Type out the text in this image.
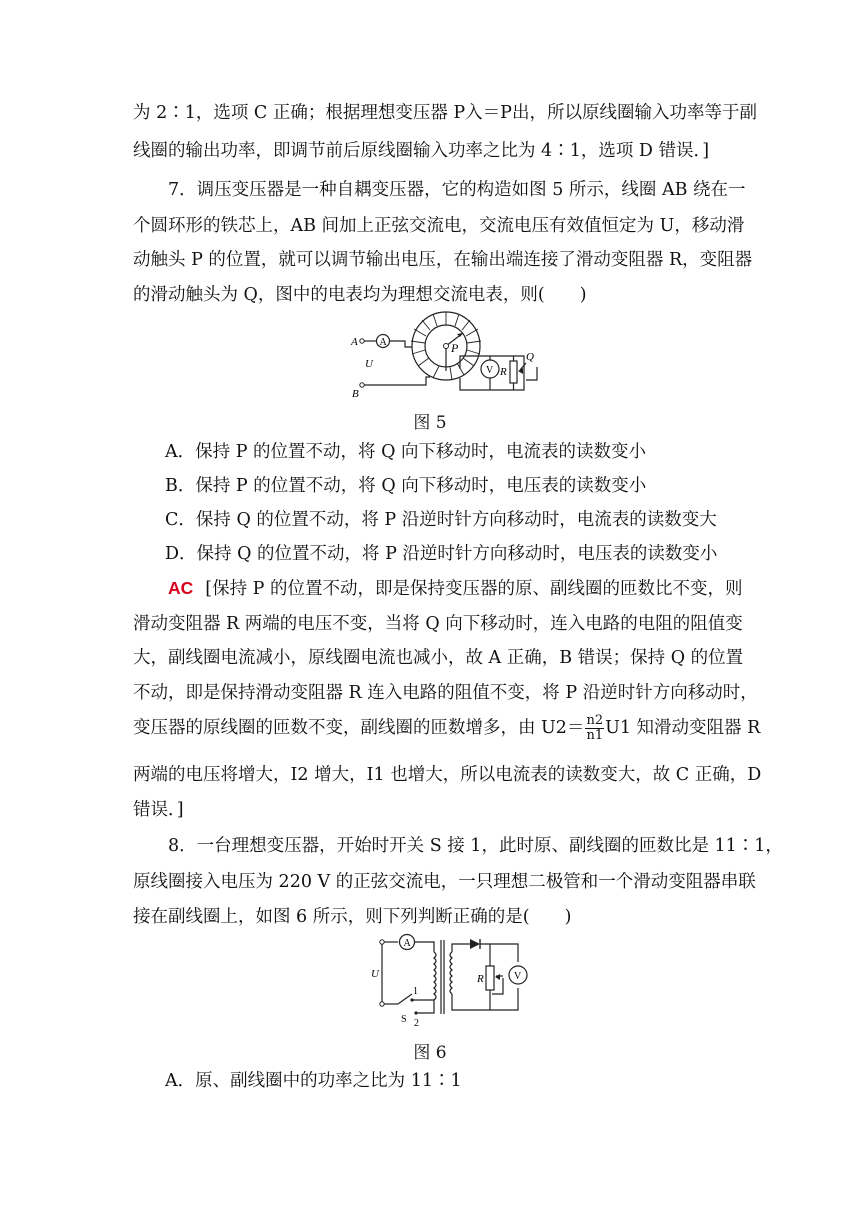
为 2∶1，选项 C 正确；根据理想变压器 P入＝P出，所以原线圈输入功率等于副
线圈的输出功率，即调节前后原线圈输入功率之比为 4∶1，选项 D 错误．]
7．调压变压器是一种自耦变压器，它的构造如图 5 所示，线圈 AB 绕在一
个圆环形的铁芯上，AB 间加上正弦交流电，交流电压有效值恒定为 U，移动滑
动触头 P 的位置，就可以调节输出电压，在输出端连接了滑动变阻器 R，变阻器
的滑动触头为 Q，图中的电表均为理想交流电表，则(　　)
A
B
U
P
Q
R
A
V
图 5
A．保持 P 的位置不动，将 Q 向下移动时，电流表的读数变小
B．保持 P 的位置不动，将 Q 向下移动时，电压表的读数变小
C．保持 Q 的位置不动，将 P 沿逆时针方向移动时，电流表的读数变大
D．保持 Q 的位置不动，将 P 沿逆时针方向移动时，电压表的读数变小
AC [保持 P 的位置不动，即是保持变压器的原、副线圈的匝数比不变，则
滑动变阻器 R 两端的电压不变，当将 Q 向下移动时，连入电路的电阻的阻值变
大，副线圈电流减小，原线圈电流也减小，故 A 正确，B 错误；保持 Q 的位置
不动，即是保持滑动变阻器 R 连入电路的阻值不变，将 P 沿逆时针方向移动时，
变压器的原线圈的匝数不变，副线圈的匝数增多，由 $U2= \frac{n2}{n1} U1$ 知滑动变阻器 R
两端的电压将增大，I2 增大，I1 也增大，所以电流表的读数变大，故 C 正确，D
错误．]
8．一台理想变压器，开始时开关 S 接 1，此时原、副线圈的匝数比是 11∶1，
原线圈接入电压为 220 V 的正弦交流电，一只理想二极管和一个滑动变阻器串联
接在副线圈上，如图 6 所示，则下列判断正确的是(　　)
U
S
1
2
R
A
V
图 6
A．原、副线圈中的功率之比为 11∶1
